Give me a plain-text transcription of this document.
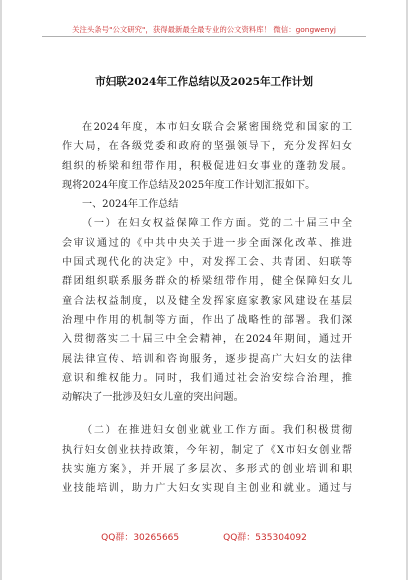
关注头条号"公文研究"，获得最新最全最专业的公文资料库！ 微信：gongwenyj
市妇联2024年工作总结以及2025年工作计划
在2024年度，本市妇女联合会紧密围绕党和国家的工
作大局，在各级党委和政府的坚强领导下，充分发挥妇女
组织的桥梁和纽带作用，积极促进妇女事业的蓬勃发展。
现将2024年度工作总结及2025年度工作计划汇报如下。
一、2024年工作总结
（一）在妇女权益保障工作方面。党的二十届三中全
会审议通过的《中共中央关于进一步全面深化改革、推进
中国式现代化的决定》中，对发挥工会、共青团、妇联等
群团组织联系服务群众的桥梁纽带作用，健全保障妇女儿
童合法权益制度，以及健全发挥家庭家教家风建设在基层
治理中作用的机制等方面，作出了战略性的部署。我们深
入贯彻落实二十届三中全会精神，在2024年期间，通过开
展法律宣传、培训和咨询服务，逐步提高广大妇女的法律
意识和维权能力。同时，我们通过社会治安综合治理，推
动解决了一批涉及妇女儿童的突出问题。
（二）在推进妇女创业就业工作方面。我们积极贯彻
执行妇女创业扶持政策，今年初，制定了《X市妇女创业帮
扶实施方案》，并开展了多层次、多形式的创业培训和职
业技能培训，助力广大妇女实现自主创业和就业。通过与
QQ群：30265665	QQ群：535304092
